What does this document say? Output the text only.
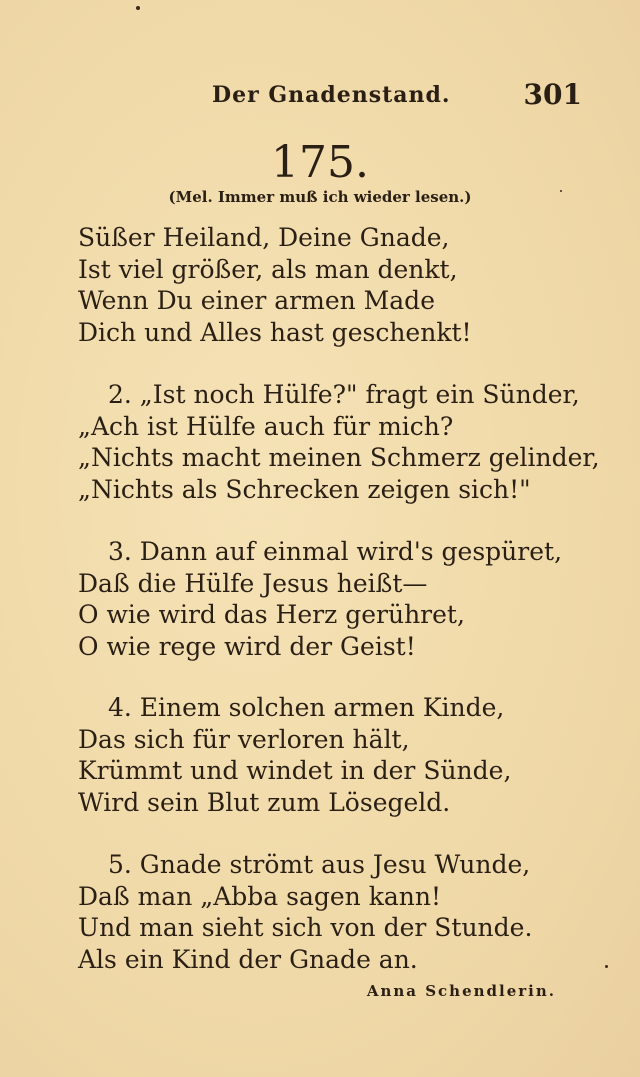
Der Gnadenstand.	301
175.
(Mel. Immer muß ich wieder lesen.)
Süßer Heiland, Deine Gnade,
Ist viel größer, als man denkt,
Wenn Du einer armen Made
Dich und Alles hast geschenkt!
2. „Ist noch Hülfe?" fragt ein Sünder,
„Ach ist Hülfe auch für mich?
„Nichts macht meinen Schmerz gelinder,
„Nichts als Schrecken zeigen sich!"
3. Dann auf einmal wird's gespüret,
Daß die Hülfe Jesus heißt—
O wie wird das Herz gerühret,
O wie rege wird der Geist!
4. Einem solchen armen Kinde,
Das sich für verloren hält,
Krümmt und windet in der Sünde,
Wird sein Blut zum Lösegeld.
5. Gnade strömt aus Jesu Wunde,
Daß man „Abba sagen kann!
Und man sieht sich von der Stunde.
Als ein Kind der Gnade an.
Anna Schendlerin.
